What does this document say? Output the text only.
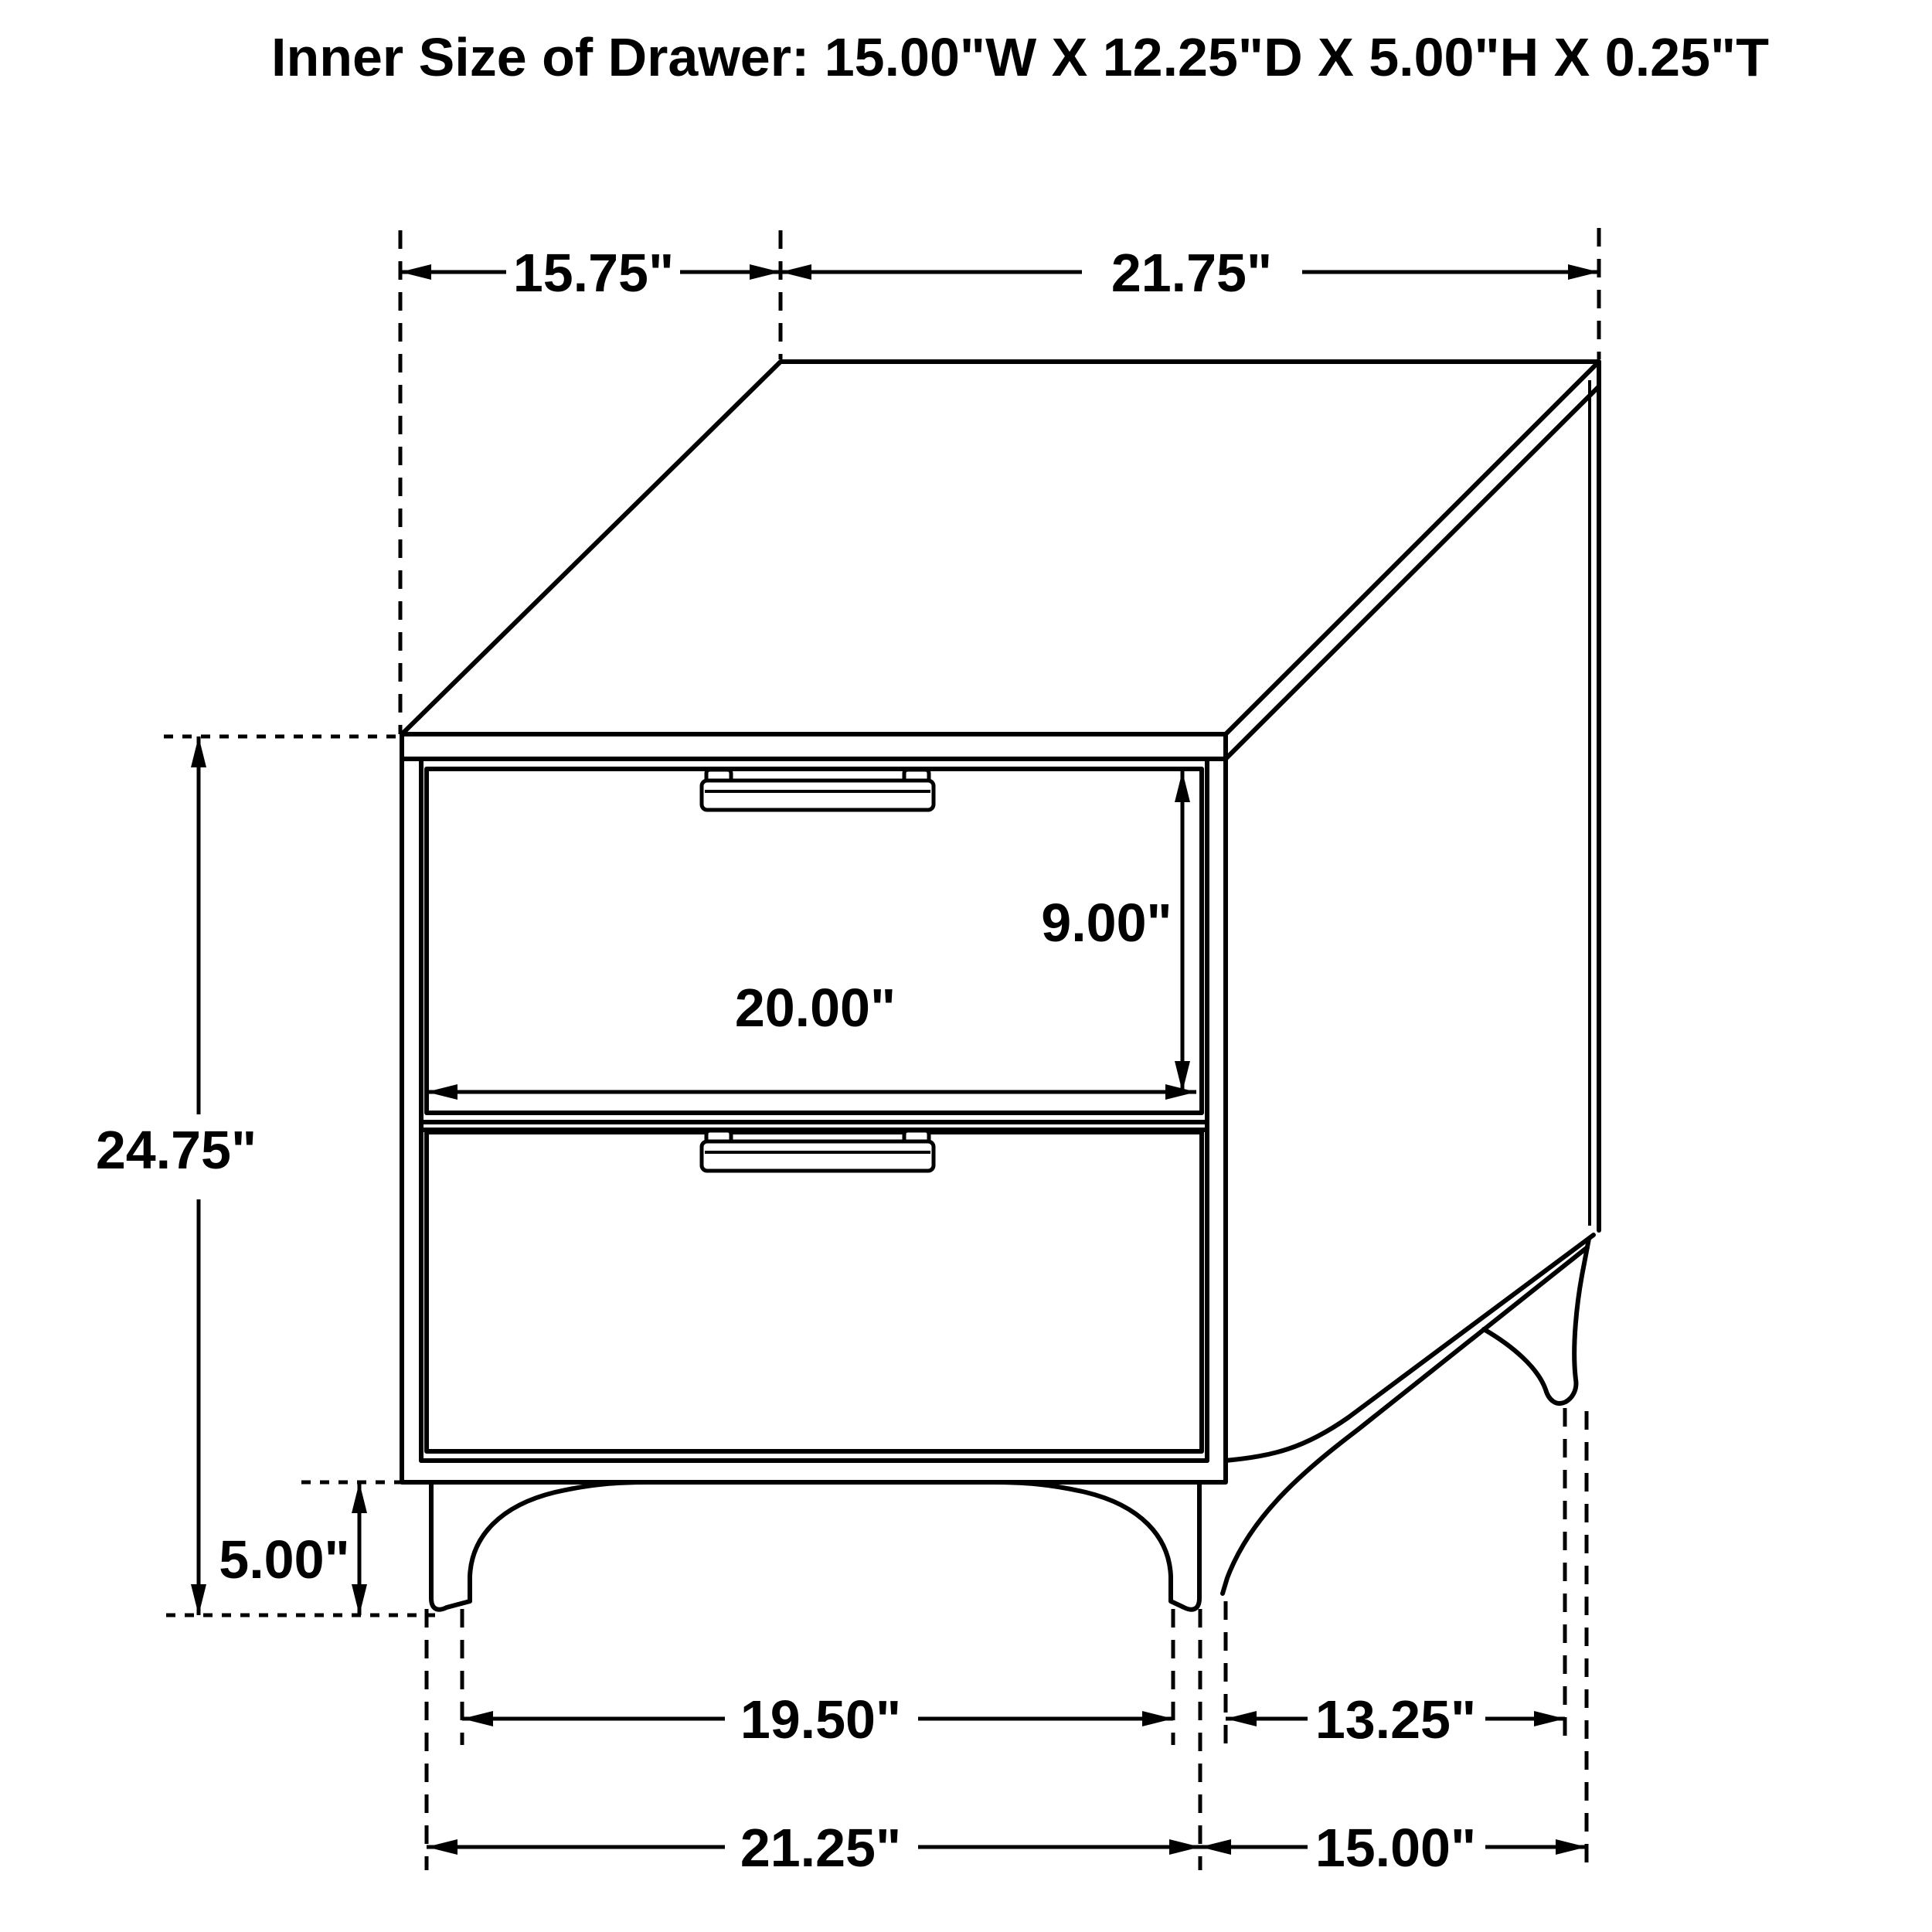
Inner Size of Drawer: 15.00"W X 12.25"D X 5.00"H X 0.25"T
15.75"	21.75"
24.75"
9.00"
20.00"
5.00"
19.50"	13.25"
21.25"	15.00"
